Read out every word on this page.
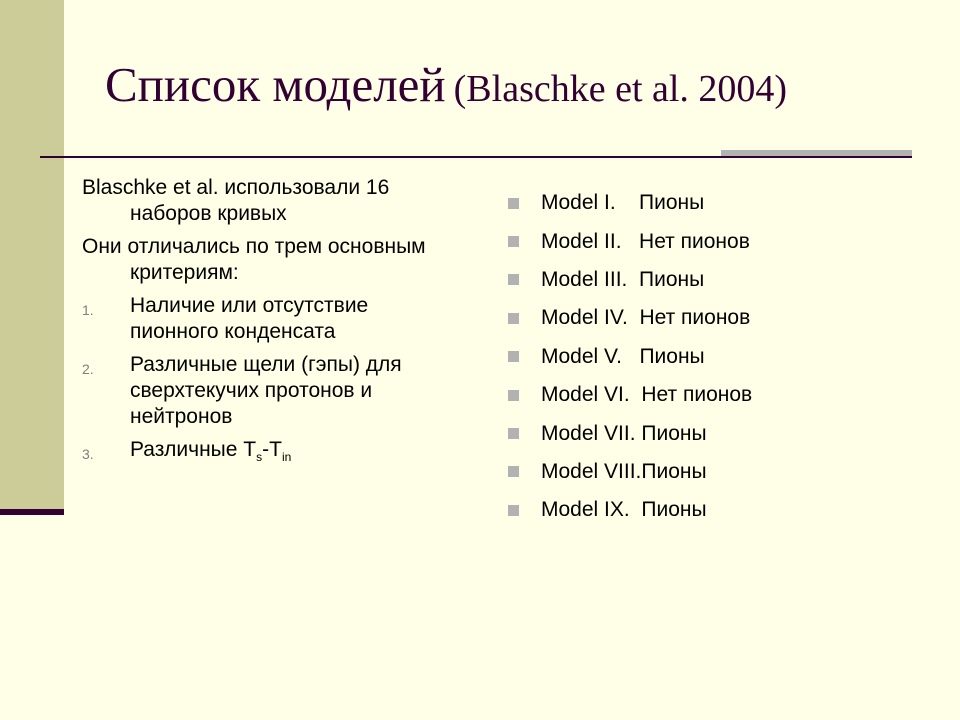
Список моделей (Blaschke et al. 2004)

Blaschke et al. использовали 16 наборов кривых

Они отличались по трем основным критериям:

1.	Наличие или отсутствие пионного конденсата
2.	Различные щели (гэпы) для сверхтекучих протонов и нейтронов
3.	Различные $T_s-T_{in}$
Model I.    Пионы
Model II.   Нет пионов
Model III.  Пионы
Model IV.  Нет пионов
Model V.   Пионы
Model VI.  Нет пионов
Model VII. Пионы
Model VIII.Пионы
Model IX.  Пионы
